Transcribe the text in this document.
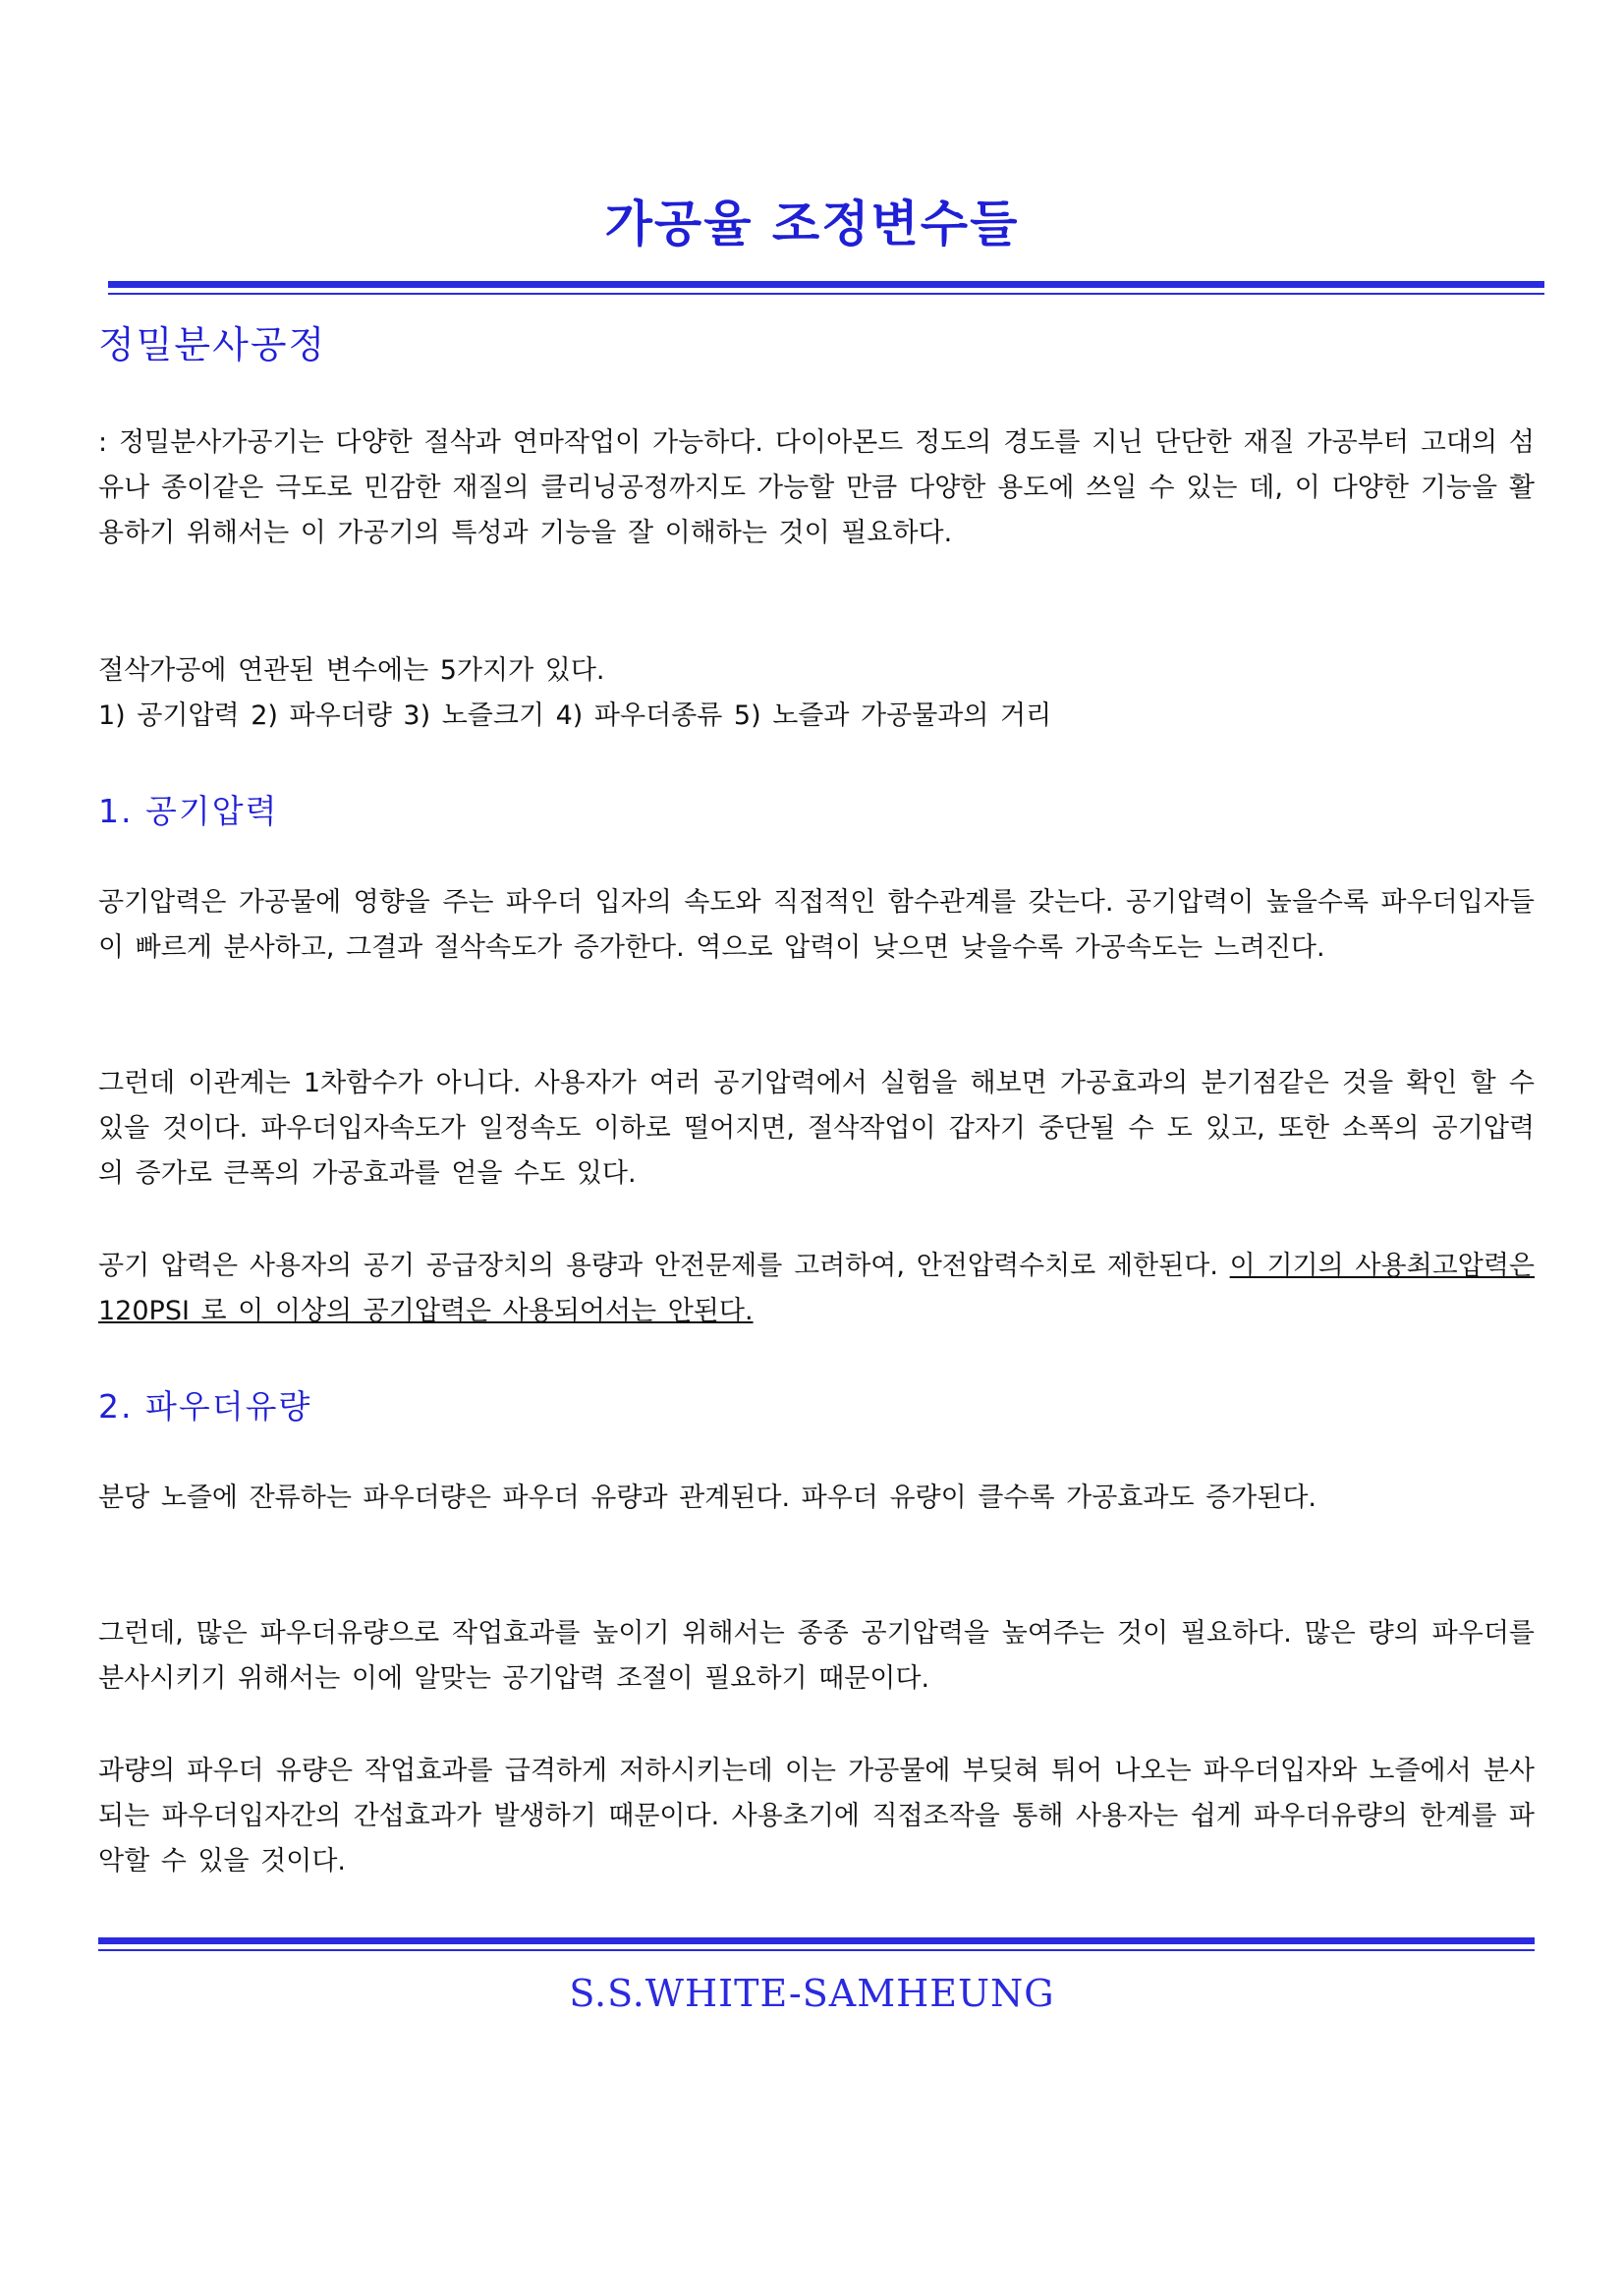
가공율 조정변수들
정밀분사공정

: 정밀분사가공기는 다양한 절삭과 연마작업이 가능하다. 다이아몬드 정도의 경도를 지닌 단단한 재질 가공부터 고대의 섬유나 종이같은 극도로 민감한 재질의 클리닝공정까지도 가능할 만큼 다양한 용도에 쓰일 수 있는 데, 이 다양한 기능을 활용하기 위해서는 이 가공기의 특성과 기능을 잘 이해하는 것이 필요하다.

절삭가공에 연관된 변수에는 5가지가 있다.

1) 공기압력 2) 파우더량 3) 노즐크기 4) 파우더종류 5) 노즐과 가공물과의 거리

1. 공기압력

공기압력은 가공물에 영향을 주는 파우더 입자의 속도와 직접적인 함수관계를 갖는다. 공기압력이 높을수록 파우더입자들이 빠르게 분사하고, 그결과 절삭속도가 증가한다. 역으로 압력이 낮으면 낮을수록 가공속도는 느려진다.

그런데 이관계는 1차함수가 아니다. 사용자가 여러 공기압력에서 실험을 해보면 가공효과의 분기점같은 것을 확인 할 수 있을 것이다. 파우더입자속도가 일정속도 이하로 떨어지면, 절삭작업이 갑자기 중단될 수 도 있고, 또한 소폭의 공기압력의 증가로 큰폭의 가공효과를 얻을 수도 있다.

공기 압력은 사용자의 공기 공급장치의 용량과 안전문제를 고려하여, 안전압력수치로 제한된다. 이 기기의 사용최고압력은 120PSI 로 이 이상의 공기압력은 사용되어서는 안된다.

2. 파우더유량

분당 노즐에 잔류하는 파우더량은 파우더 유량과 관계된다. 파우더 유량이 클수록 가공효과도 증가된다.

그런데, 많은 파우더유량으로 작업효과를 높이기 위해서는 종종 공기압력을 높여주는 것이 필요하다. 많은 량의 파우더를 분사시키기 위해서는 이에 알맞는 공기압력 조절이 필요하기 때문이다.

과량의 파우더 유량은 작업효과를 급격하게 저하시키는데 이는 가공물에 부딪혀 튀어 나오는 파우더입자와 노즐에서 분사되는 파우더입자간의 간섭효과가 발생하기 때문이다. 사용초기에 직접조작을 통해 사용자는 쉽게 파우더유량의 한계를 파악할 수 있을 것이다.

S.S.WHITE-SAMHEUNG
